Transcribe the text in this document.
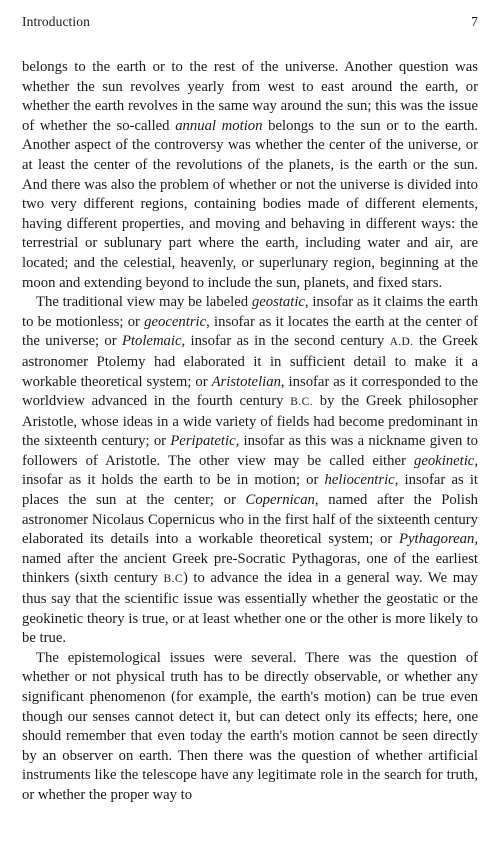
Introduction	7

belongs to the earth or to the rest of the universe. Another question was whether the sun revolves yearly from west to east around the earth, or whether the earth revolves in the same way around the sun; this was the issue of whether the so-called annual motion belongs to the sun or to the earth. Another aspect of the controversy was whether the center of the universe, or at least the center of the revolutions of the planets, is the earth or the sun. And there was also the problem of whether or not the universe is divided into two very different regions, containing bodies made of different elements, having different properties, and moving and behaving in different ways: the terrestrial or sublunary part where the earth, including water and air, are located; and the celestial, heavenly, or superlunary region, beginning at the moon and extending beyond to include the sun, planets, and fixed stars.

The traditional view may be labeled geostatic, insofar as it claims the earth to be motionless; or geocentric, insofar as it locates the earth at the center of the universe; or Ptolemaic, insofar as in the second century A.D. the Greek astronomer Ptolemy had elaborated it in sufficient detail to make it a workable theoretical system; or Aristotelian, insofar as it corresponded to the worldview advanced in the fourth century B.C. by the Greek philosopher Aristotle, whose ideas in a wide variety of fields had become predominant in the sixteenth century; or Peripatetic, insofar as this was a nickname given to followers of Aristotle. The other view may be called either geokinetic, insofar as it holds the earth to be in motion; or heliocentric, insofar as it places the sun at the center; or Copernican, named after the Polish astronomer Nicolaus Copernicus who in the first half of the sixteenth century elaborated its details into a workable theoretical system; or Pythagorean, named after the ancient Greek pre-Socratic Pythagoras, one of the earliest thinkers (sixth century B.C) to advance the idea in a general way. We may thus say that the scientific issue was essentially whether the geostatic or the geokinetic theory is true, or at least whether one or the other is more likely to be true.

The epistemological issues were several. There was the question of whether or not physical truth has to be directly observable, or whether any significant phenomenon (for example, the earth's motion) can be true even though our senses cannot detect it, but can detect only its effects; here, one should remember that even today the earth's motion cannot be seen directly by an observer on earth. Then there was the question of whether artificial instruments like the telescope have any legitimate role in the search for truth, or whether the proper way to
